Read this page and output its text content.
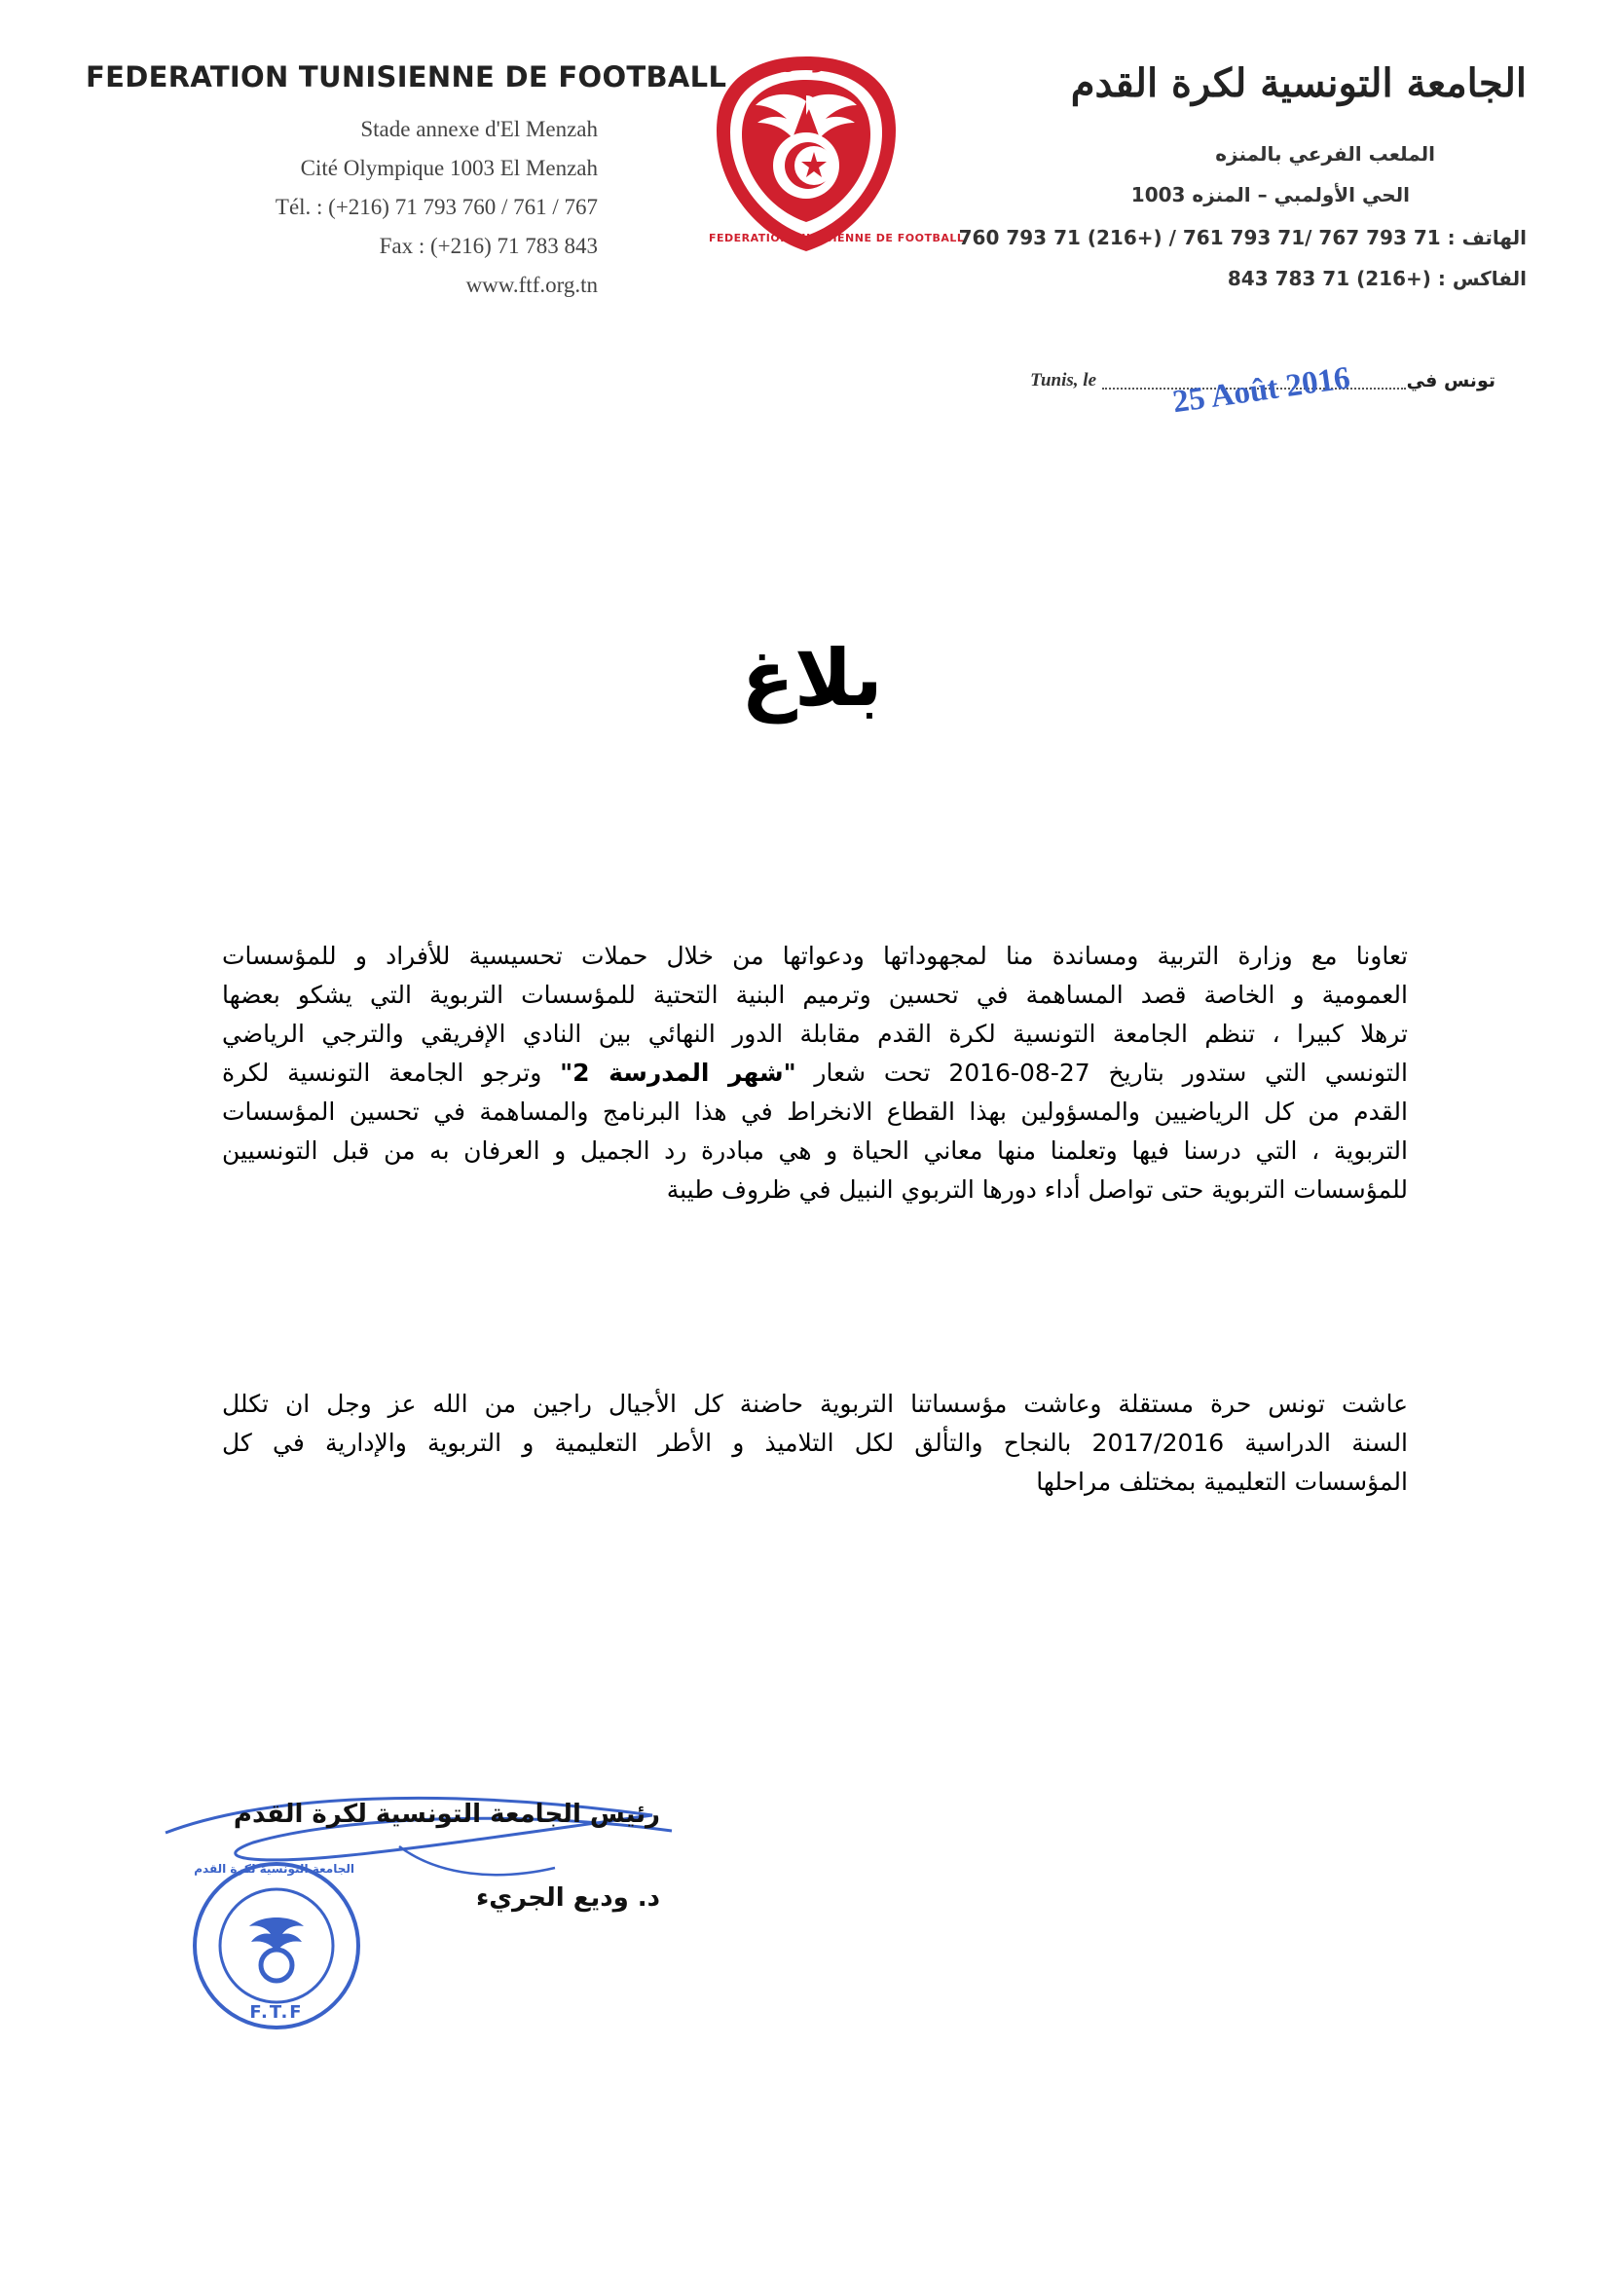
FEDERATION TUNISIENNE DE FOOTBALL
Stade annexe d'El Menzah
Cité Olympique 1003 El Menzah
Tél. : (+216) 71 793 760 / 761 / 767
Fax : (+216) 71 783 843
www.ftf.org.tn
تونس
FEDERATION TUNISIENNE DE FOOTBALL
الجامعة التونسية لكرة القدم
الملعب الفرعي بالمنزه
الحي الأولمبي – المنزه 1003
الهاتف : 760 793 71 (216+) / 761 793 71/ 767 793 71
الفاكس : 843 783 71 (216+)
تونس في
Tunis, le 25 Août 2016
بلاغ
تعاونا مع وزارة التربية ومساندة منا لمجهوداتها ودعواتها من خلال حملات تحسيسية للأفراد و للمؤسسات
العمومية و الخاصة قصد المساهمة في تحسين وترميم البنية التحتية للمؤسسات التربوية التي يشكو بعضها
ترهلا كبيرا ، تنظم الجامعة التونسية لكرة القدم مقابلة الدور النهائي بين النادي الإفريقي والترجي الرياضي
التونسي التي ستدور بتاريخ 27-08-2016 تحت شعار "شهر المدرسة 2" وترجو الجامعة التونسية لكرة
القدم من كل الرياضيين والمسؤولين بهذا القطاع الانخراط في هذا البرنامج والمساهمة في تحسين المؤسسات
التربوية ، التي درسنا فيها وتعلمنا منها معاني الحياة و هي مبادرة رد الجميل و العرفان به من قبل التونسيين
للمؤسسات التربوية حتى تواصل أداء دورها التربوي النبيل في ظروف طيبة
عاشت تونس حرة مستقلة وعاشت مؤسساتنا التربوية حاضنة كل الأجيال راجين من الله عز وجل ان تكلل
السنة الدراسية 2017/2016 بالنجاح والتألق لكل التلاميذ و الأطر التعليمية و التربوية والإدارية في كل
المؤسسات التعليمية بمختلف مراحلها
رئيس الجامعة التونسية لكرة القدم
د. وديع الجريء
F.T.F
الجامعة التونسية لكرة القدم
